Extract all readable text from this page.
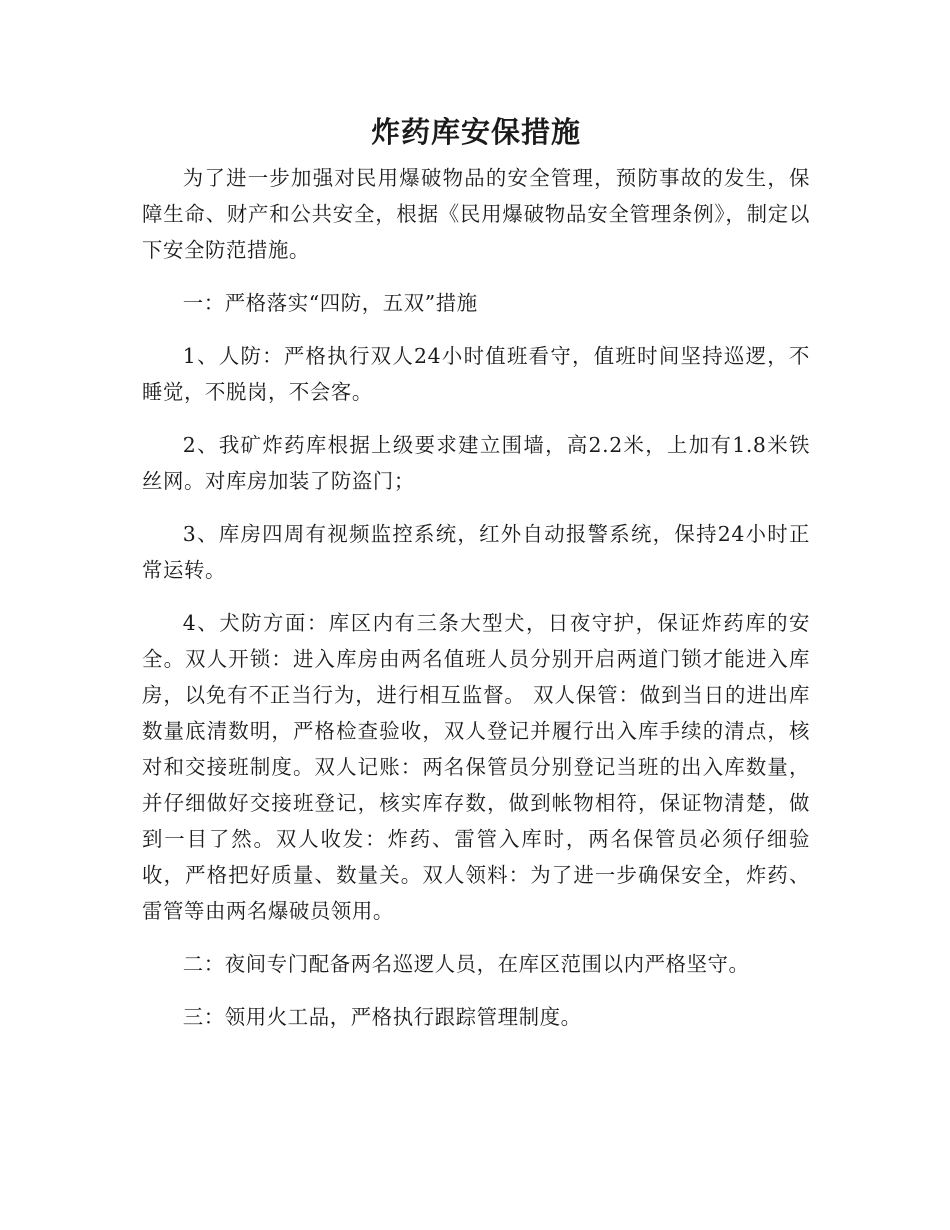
炸药库安保措施

为了进一步加强对民用爆破物品的安全管理，预防事故的发生，保障生命、财产和公共安全，根据《民用爆破物品安全管理条例》，制定以下安全防范措施。

一：严格落实“四防，五双”措施

1、人防：严格执行双人24小时值班看守，值班时间坚持巡逻，不睡觉，不脱岗，不会客。

2、我矿炸药库根据上级要求建立围墙，高2.2米，上加有1.8米铁丝网。对库房加装了防盗门；

3、库房四周有视频监控系统，红外自动报警系统，保持24小时正常运转。

4、犬防方面：库区内有三条大型犬，日夜守护，保证炸药库的安全。双人开锁：进入库房由两名值班人员分别开启两道门锁才能进入库房，以免有不正当行为，进行相互监督。 双人保管：做到当日的进出库数量底清数明，严格检查验收，双人登记并履行出入库手续的清点，核对和交接班制度。双人记账：两名保管员分别登记当班的出入库数量，并仔细做好交接班登记，核实库存数，做到帐物相符，保证物清楚，做到一目了然。双人收发：炸药、雷管入库时，两名保管员必须仔细验收，严格把好质量、数量关。双人领料：为了进一步确保安全，炸药、雷管等由两名爆破员领用。

二：夜间专门配备两名巡逻人员，在库区范围以内严格坚守。

三：领用火工品，严格执行跟踪管理制度。
